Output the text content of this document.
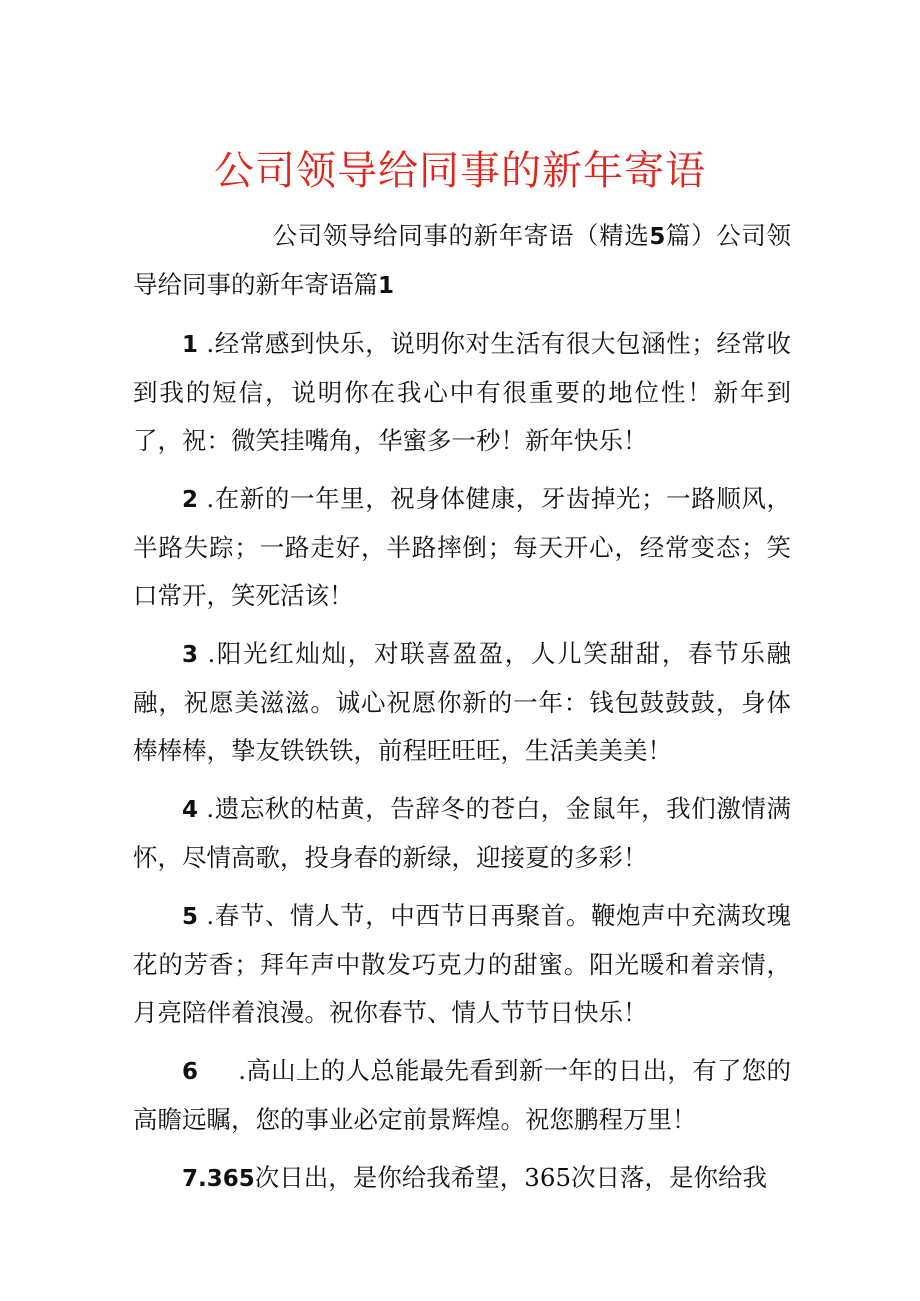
公司领导给同事的新年寄语

公司领导给同事的新年寄语（精选5篇）公司领导给同事的新年寄语篇1

1 .经常感到快乐，说明你对生活有很大包涵性；经常收到我的短信，说明你在我心中有很重要的地位性！新年到了，祝：微笑挂嘴角，华蜜多一秒！新年快乐！

2 .在新的一年里，祝身体健康，牙齿掉光；一路顺风，半路失踪；一路走好，半路摔倒；每天开心，经常变态；笑口常开，笑死活该！

3 .阳光红灿灿，对联喜盈盈，人儿笑甜甜，春节乐融融，祝愿美滋滋。诚心祝愿你新的一年：钱包鼓鼓鼓，身体棒棒棒，挚友铁铁铁，前程旺旺旺，生活美美美！

4 .遗忘秋的枯黄，告辞冬的苍白，金鼠年，我们激情满怀，尽情高歌，投身春的新绿，迎接夏的多彩！

5 .春节、情人节，中西节日再聚首。鞭炮声中充满玫瑰花的芳香；拜年声中散发巧克力的甜蜜。阳光暖和着亲情，月亮陪伴着浪漫。祝你春节、情人节节日快乐！

6     .高山上的人总能最先看到新一年的日出，有了您的高瞻远瞩，您的事业必定前景辉煌。祝您鹏程万里！

7.365次日出，是你给我希望，365次日落，是你给我
